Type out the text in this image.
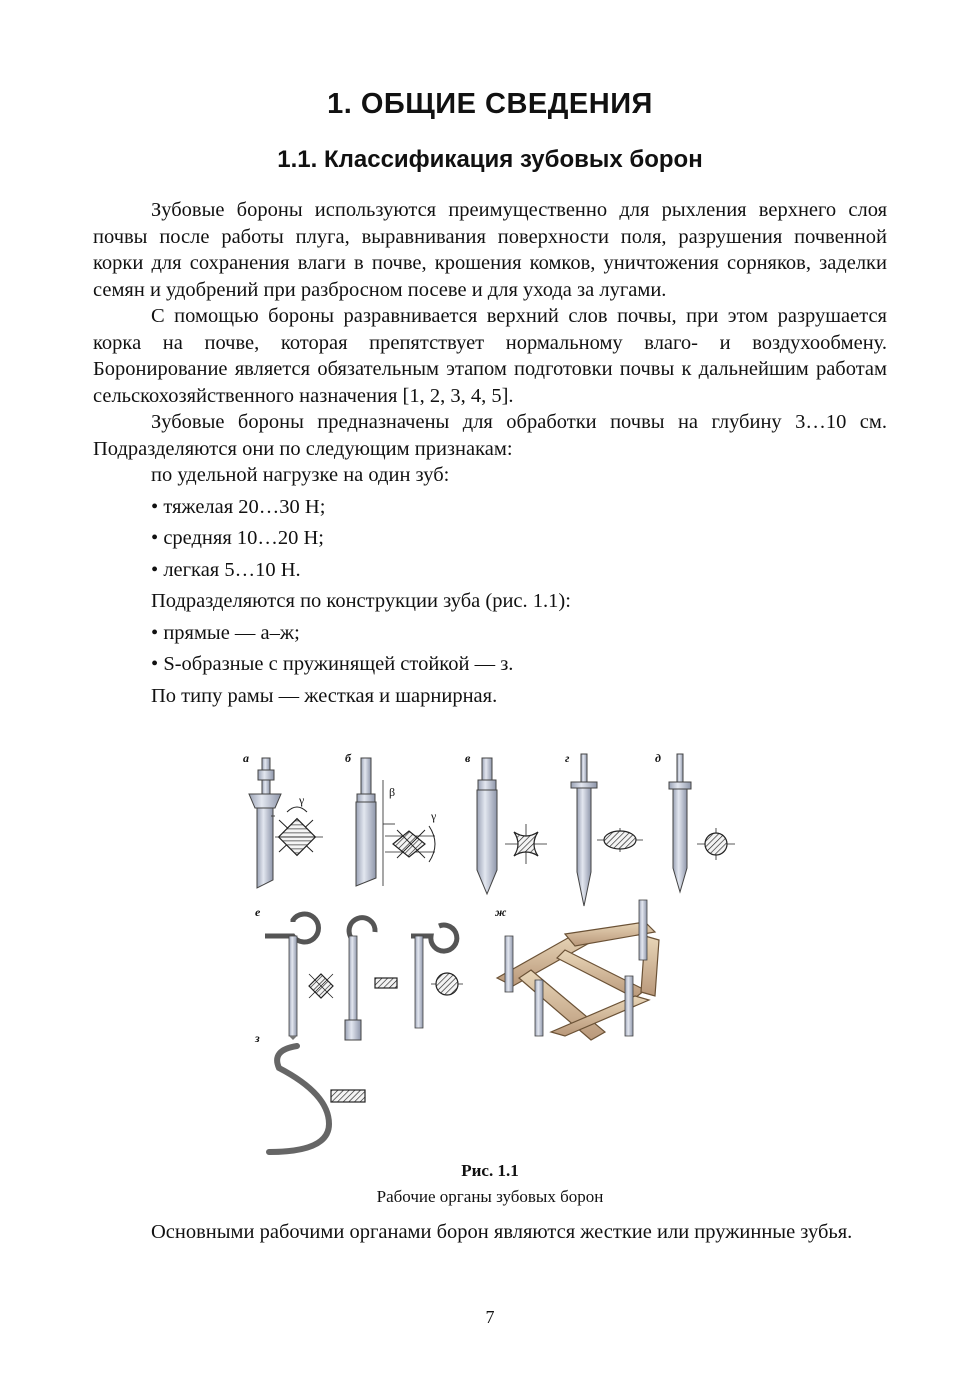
1. ОБЩИЕ СВЕДЕНИЯ
1.1. Классификация зубовых борон

Зубовые бороны используются преимущественно для рыхления верхнего слоя почвы после работы плуга, выравнивания поверхности поля, разрушения почвенной корки для сохранения влаги в почве, крошения комков, уничтожения сорняков, заделки семян и удобрений при разбросном посеве и для ухода за лугами.

С помощью бороны разравнивается верхний слов почвы, при этом разрушается корка на почве, которая препятствует нормальному влаго- и воздухообмену. Боронирование является обязательным этапом подготовки почвы к дальнейшим работам сельскохозяйственного назначения [1, 2, 3, 4, 5].

Зубовые бороны предназначены для обработки почвы на глубину 3…10 см. Подразделяются они по следующим признакам:

по удельной нагрузке на один зуб:

• тяжелая 20…30 Н;
• средняя 10…20 Н;
• легкая 5…10 Н.

Подразделяются по конструкции зуба (рис. 1.1):

• прямые — а–ж;
• S-образные с пружинящей стойкой — з.

По типу рамы — жесткая и шарнирная.

а
γ
б
β
γ
в	г	д
е	ж
з
Рис. 1.1
Рабочие органы зубовых борон

Основными рабочими органами борон являются жесткие или пружинные зубья.

7
